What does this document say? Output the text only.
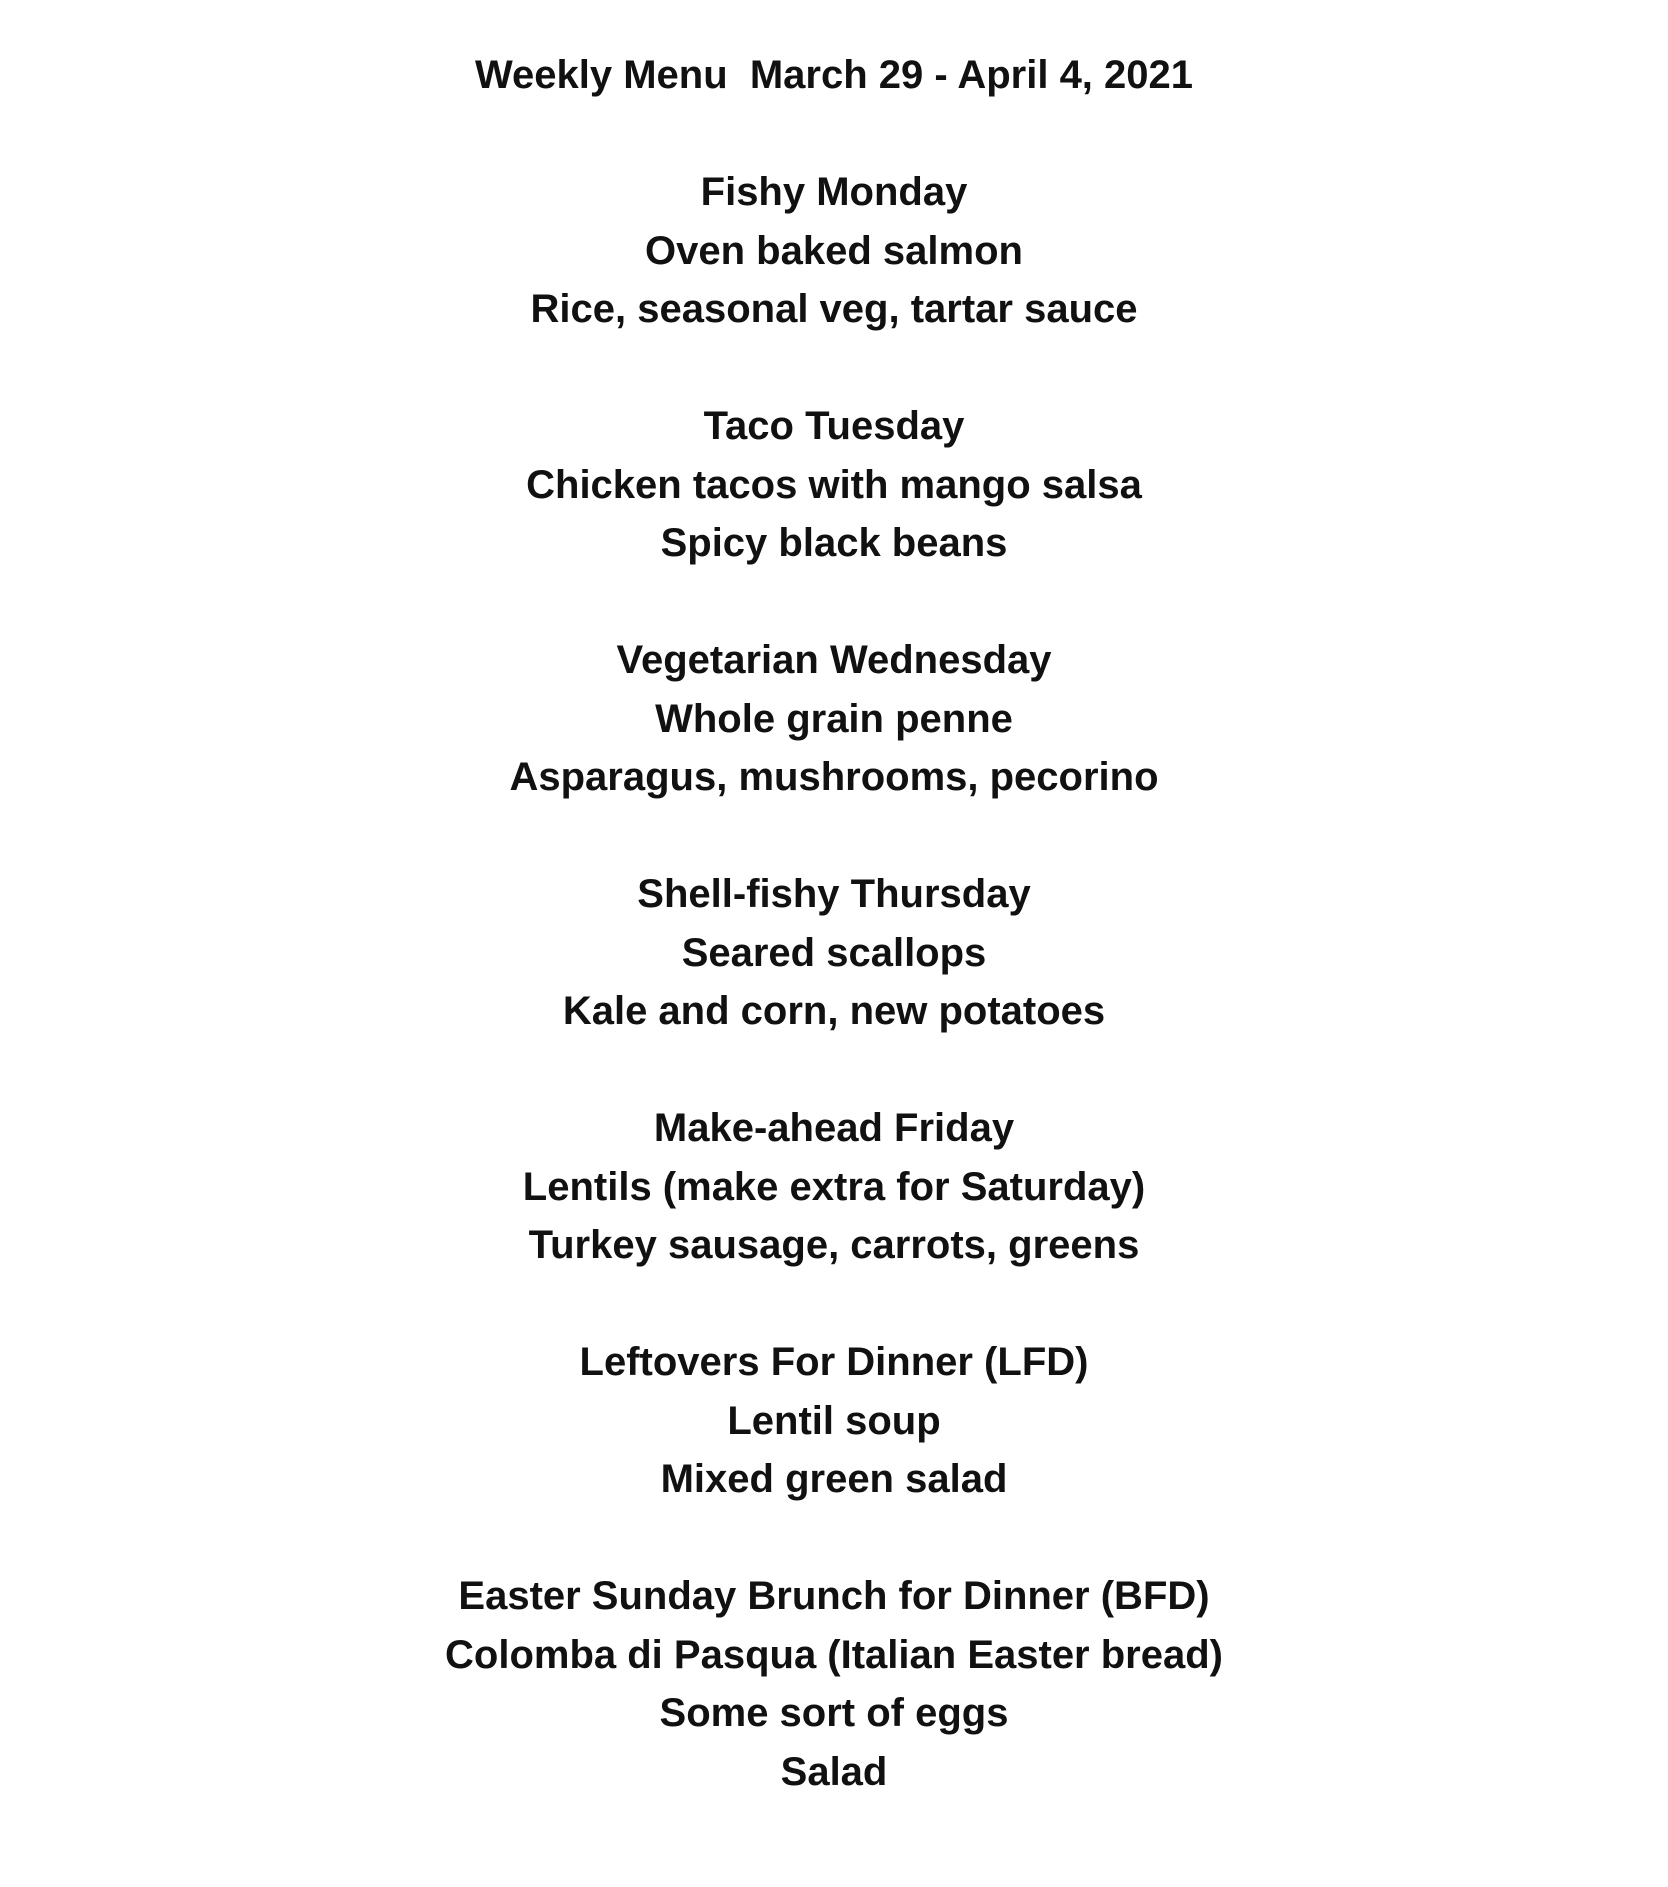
Weekly Menu  March 29 - April 4, 2021
Fishy Monday
Oven baked salmon
Rice, seasonal veg, tartar sauce
Taco Tuesday
Chicken tacos with mango salsa
Spicy black beans
Vegetarian Wednesday
Whole grain penne
Asparagus, mushrooms, pecorino
Shell-fishy Thursday
Seared scallops
Kale and corn, new potatoes
Make-ahead Friday
Lentils (make extra for Saturday)
Turkey sausage, carrots, greens
Leftovers For Dinner (LFD)
Lentil soup
Mixed green salad
Easter Sunday Brunch for Dinner (BFD)
Colomba di Pasqua (Italian Easter bread)
Some sort of eggs
Salad
